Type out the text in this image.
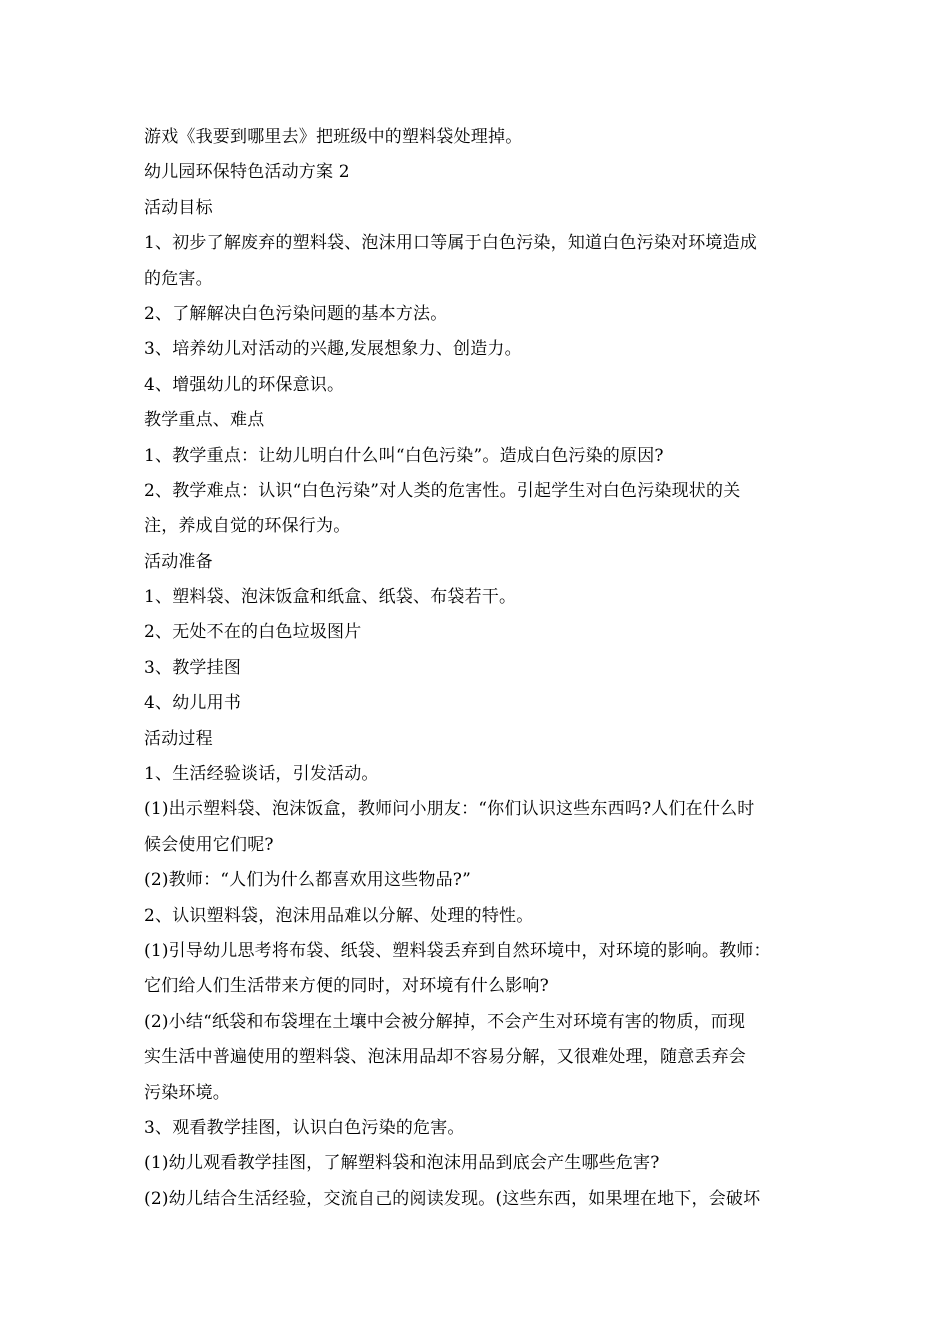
游戏《我要到哪里去》把班级中的塑料袋处理掉。
幼儿园环保特色活动方案 2
活动目标
1、初步了解废弃的塑料袋、泡沫用口等属于白色污染，知道白色污染对环境造成
的危害。
2、了解解决白色污染问题的基本方法。
3、培养幼儿对活动的兴趣,发展想象力、创造力。
4、增强幼儿的环保意识。
教学重点、难点
1、教学重点：让幼儿明白什么叫“白色污染”。造成白色污染的原因?
2、教学难点：认识“白色污染”对人类的危害性。引起学生对白色污染现状的关
注，养成自觉的环保行为。
活动准备
1、塑料袋、泡沫饭盒和纸盒、纸袋、布袋若干。
2、无处不在的白色垃圾图片
3、教学挂图
4、幼儿用书
活动过程
1、生活经验谈话，引发活动。
(1)出示塑料袋、泡沫饭盒，教师问小朋友：“你们认识这些东西吗?人们在什么时
候会使用它们呢?
(2)教师：“人们为什么都喜欢用这些物品?”
2、认识塑料袋，泡沫用品难以分解、处理的特性。
(1)引导幼儿思考将布袋、纸袋、塑料袋丢弃到自然环境中，对环境的影响。教师：
它们给人们生活带来方便的同时，对环境有什么影响?
(2)小结“纸袋和布袋埋在土壤中会被分解掉，不会产生对环境有害的物质，而现
实生活中普遍使用的塑料袋、泡沫用品却不容易分解，又很难处理，随意丢弃会
污染环境。
3、观看教学挂图，认识白色污染的危害。
(1)幼儿观看教学挂图，了解塑料袋和泡沫用品到底会产生哪些危害?
(2)幼儿结合生活经验，交流自己的阅读发现。(这些东西，如果埋在地下，会破坏
